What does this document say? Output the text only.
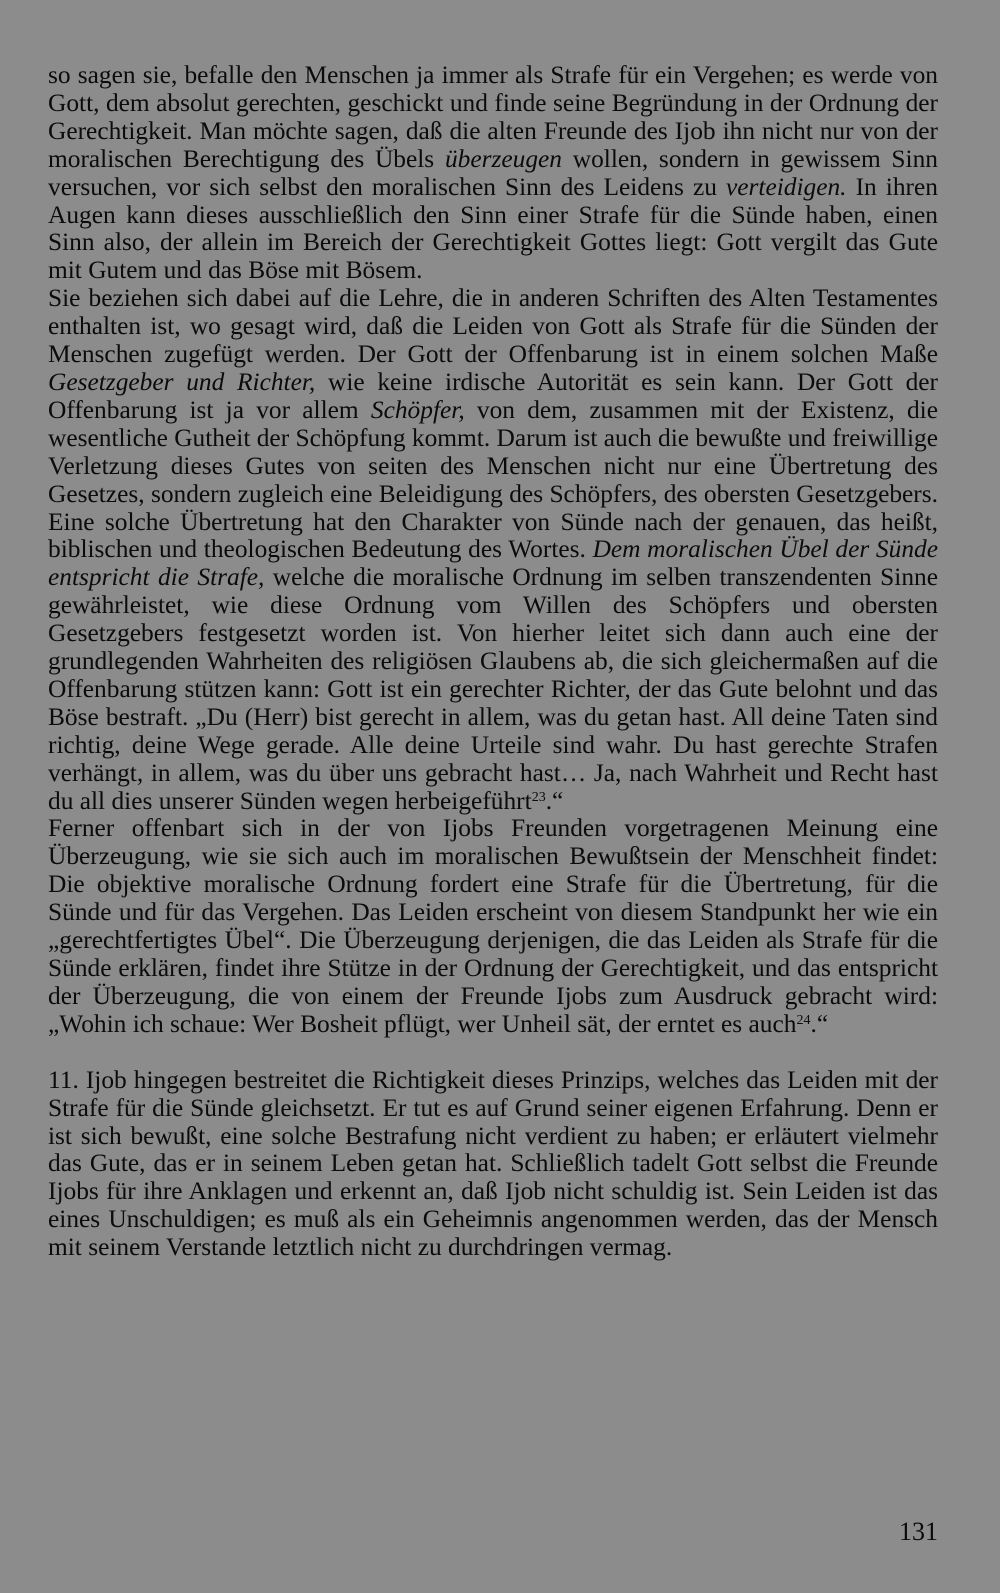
so sagen sie, befalle den Menschen ja immer als Strafe für ein Vergehen; es werde von Gott, dem absolut gerechten, geschickt und finde seine Begründung in der Ordnung der Gerechtigkeit. Man möchte sagen, daß die alten Freunde des Ijob ihn nicht nur von der moralischen Berechtigung des Übels überzeugen wollen, sondern in gewissem Sinn versuchen, vor sich selbst den moralischen Sinn des Leidens zu verteidigen. In ihren Augen kann dieses ausschließlich den Sinn einer Strafe für die Sünde haben, einen Sinn also, der allein im Bereich der Gerechtigkeit Gottes liegt: Gott vergilt das Gute mit Gutem und das Böse mit Bösem.

Sie beziehen sich dabei auf die Lehre, die in anderen Schriften des Alten Testamentes enthalten ist, wo gesagt wird, daß die Leiden von Gott als Strafe für die Sünden der Menschen zugefügt werden. Der Gott der Offenbarung ist in einem solchen Maße Gesetzgeber und Richter, wie keine irdische Autorität es sein kann. Der Gott der Offenbarung ist ja vor allem Schöpfer, von dem, zusammen mit der Existenz, die wesentliche Gutheit der Schöpfung kommt. Darum ist auch die bewußte und freiwillige Verletzung dieses Gutes von seiten des Menschen nicht nur eine Übertretung des Gesetzes, sondern zugleich eine Beleidigung des Schöpfers, des obersten Gesetzgebers. Eine solche Übertretung hat den Charakter von Sünde nach der genauen, das heißt, biblischen und theologischen Bedeutung des Wortes. Dem moralischen Übel der Sünde entspricht die Strafe, welche die moralische Ordnung im selben transzendenten Sinne gewährleistet, wie diese Ordnung vom Willen des Schöpfers und obersten Gesetzgebers festgesetzt worden ist. Von hierher leitet sich dann auch eine der grundlegenden Wahrheiten des religiösen Glaubens ab, die sich gleichermaßen auf die Offenbarung stützen kann: Gott ist ein gerechter Richter, der das Gute belohnt und das Böse bestraft. „Du (Herr) bist gerecht in allem, was du getan hast. All deine Taten sind richtig, deine Wege gerade. Alle deine Urteile sind wahr. Du hast gerechte Strafen verhängt, in allem, was du über uns gebracht hast… Ja, nach Wahrheit und Recht hast du all dies unserer Sünden wegen herbeigeführt$^{23}$.“

Ferner offenbart sich in der von Ijobs Freunden vorgetragenen Meinung eine Überzeugung, wie sie sich auch im moralischen Bewußtsein der Menschheit findet: Die objektive moralische Ordnung fordert eine Strafe für die Übertretung, für die Sünde und für das Vergehen. Das Leiden erscheint von diesem Standpunkt her wie ein „gerechtfertigtes Übel“. Die Überzeugung derjenigen, die das Leiden als Strafe für die Sünde erklären, findet ihre Stütze in der Ordnung der Gerechtigkeit, und das entspricht der Überzeugung, die von einem der Freunde Ijobs zum Ausdruck gebracht wird: „Wohin ich schaue: Wer Bosheit pflügt, wer Unheil sät, der erntet es auch$^{24}$.“

11. Ijob hingegen bestreitet die Richtigkeit dieses Prinzips, welches das Leiden mit der Strafe für die Sünde gleichsetzt. Er tut es auf Grund seiner eigenen Erfahrung. Denn er ist sich bewußt, eine solche Bestrafung nicht verdient zu haben; er erläutert vielmehr das Gute, das er in seinem Leben getan hat. Schließlich tadelt Gott selbst die Freunde Ijobs für ihre Anklagen und erkennt an, daß Ijob nicht schuldig ist. Sein Leiden ist das eines Unschuldigen; es muß als ein Geheimnis angenommen werden, das der Mensch mit seinem Verstande letztlich nicht zu durchdringen vermag.

131
